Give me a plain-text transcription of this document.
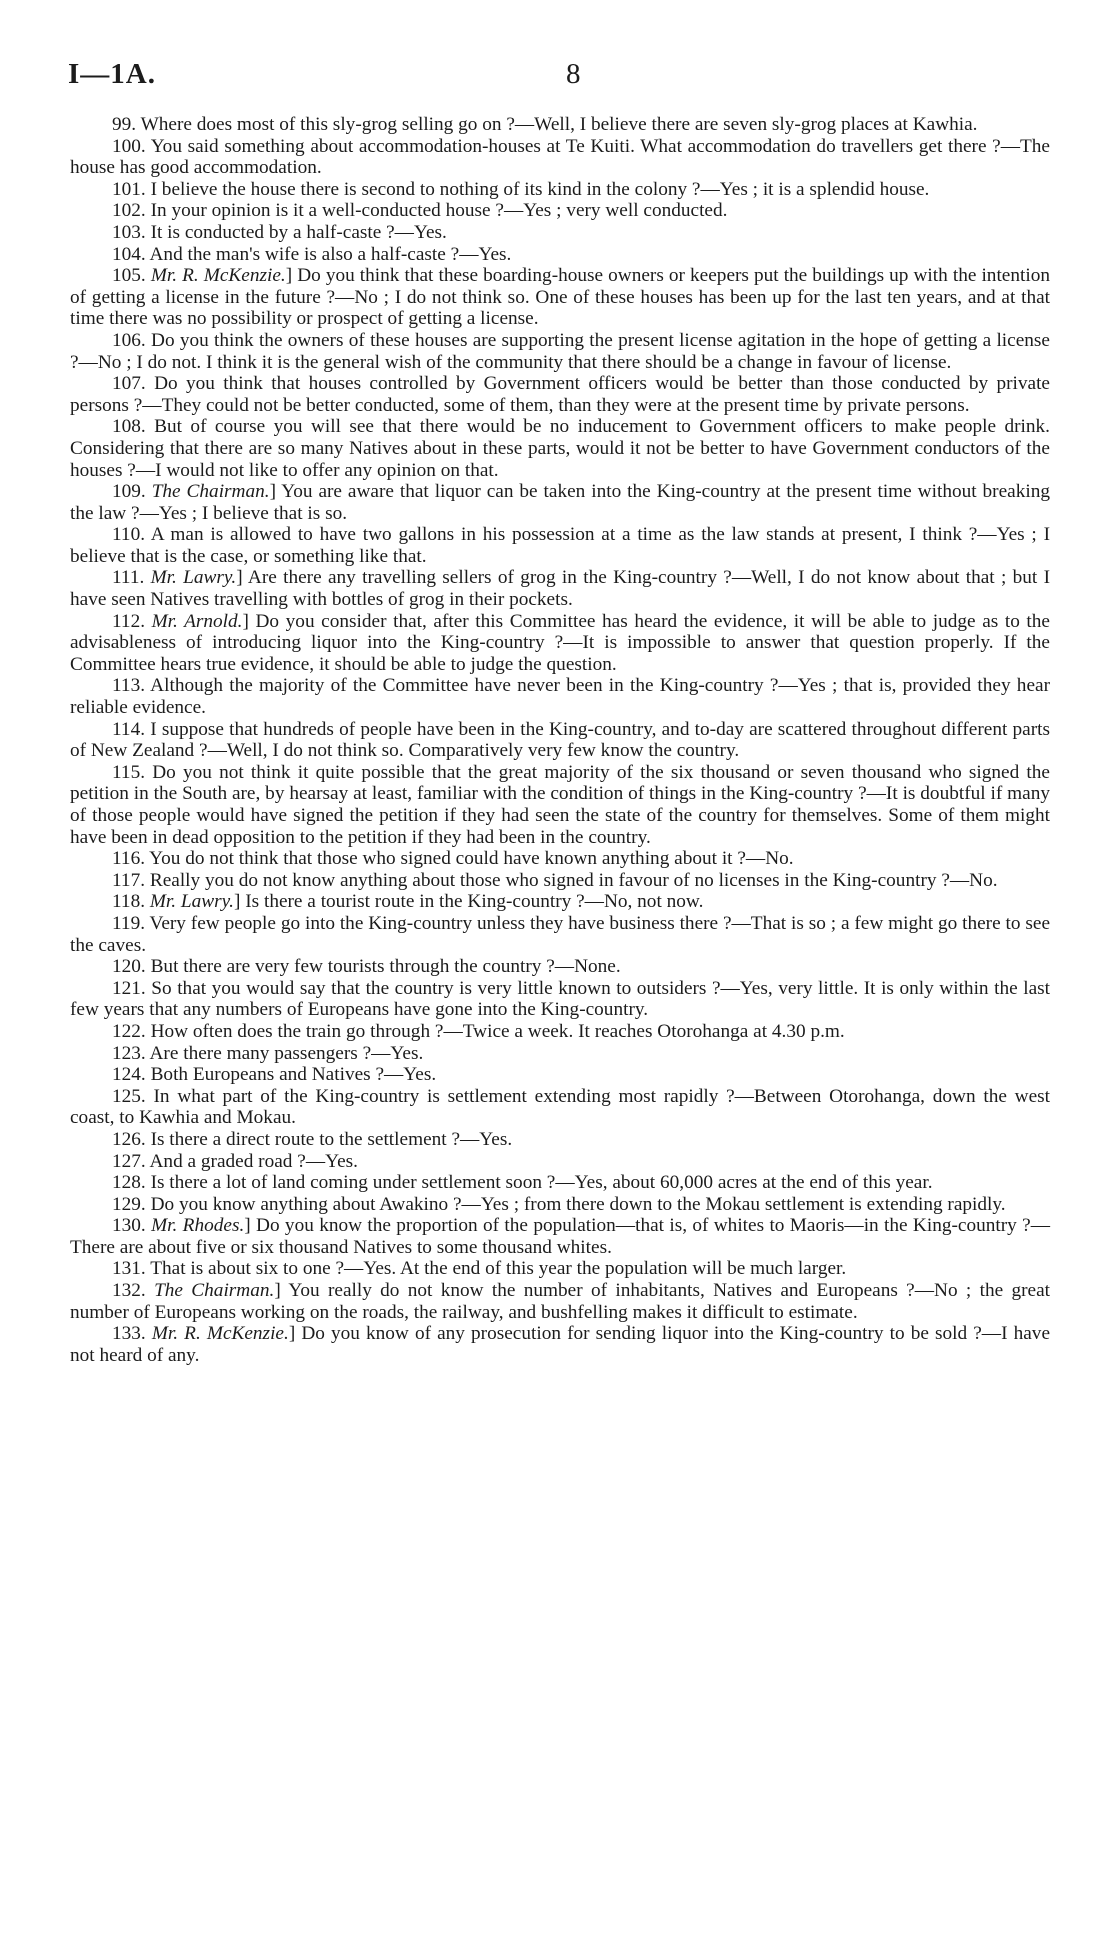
I—1A.	8

99. Where does most of this sly-grog selling go on ?—Well, I believe there are seven sly-grog places at Kawhia.

100. You said something about accommodation-houses at Te Kuiti. What accommodation do travellers get there ?—The house has good accommodation.

101. I believe the house there is second to nothing of its kind in the colony ?—Yes ; it is a splendid house.

102. In your opinion is it a well-conducted house ?—Yes ; very well conducted.

103. It is conducted by a half-caste ?—Yes.

104. And the man's wife is also a half-caste ?—Yes.

105. Mr. R. McKenzie.] Do you think that these boarding-house owners or keepers put the buildings up with the intention of getting a license in the future ?—No ; I do not think so. One of these houses has been up for the last ten years, and at that time there was no possibility or prospect of getting a license.

106. Do you think the owners of these houses are supporting the present license agitation in the hope of getting a license ?—No ; I do not. I think it is the general wish of the community that there should be a change in favour of license.

107. Do you think that houses controlled by Government officers would be better than those conducted by private persons ?—They could not be better conducted, some of them, than they were at the present time by private persons.

108. But of course you will see that there would be no inducement to Government officers to make people drink. Considering that there are so many Natives about in these parts, would it not be better to have Government conductors of the houses ?—I would not like to offer any opinion on that.

109. The Chairman.] You are aware that liquor can be taken into the King-country at the present time without breaking the law ?—Yes ; I believe that is so.

110. A man is allowed to have two gallons in his possession at a time as the law stands at present, I think ?—Yes ; I believe that is the case, or something like that.

111. Mr. Lawry.] Are there any travelling sellers of grog in the King-country ?—Well, I do not know about that ; but I have seen Natives travelling with bottles of grog in their pockets.

112. Mr. Arnold.] Do you consider that, after this Committee has heard the evidence, it will be able to judge as to the advisableness of introducing liquor into the King-country ?—It is impossible to answer that question properly. If the Committee hears true evidence, it should be able to judge the question.

113. Although the majority of the Committee have never been in the King-country ?—Yes ; that is, provided they hear reliable evidence.

114. I suppose that hundreds of people have been in the King-country, and to-day are scattered throughout different parts of New Zealand ?—Well, I do not think so. Comparatively very few know the country.

115. Do you not think it quite possible that the great majority of the six thousand or seven thousand who signed the petition in the South are, by hearsay at least, familiar with the condition of things in the King-country ?—It is doubtful if many of those people would have signed the petition if they had seen the state of the country for themselves. Some of them might have been in dead opposition to the petition if they had been in the country.

116. You do not think that those who signed could have known anything about it ?—No.

117. Really you do not know anything about those who signed in favour of no licenses in the King-country ?—No.

118. Mr. Lawry.] Is there a tourist route in the King-country ?—No, not now.

119. Very few people go into the King-country unless they have business there ?—That is so ; a few might go there to see the caves.

120. But there are very few tourists through the country ?—None.

121. So that you would say that the country is very little known to outsiders ?—Yes, very little. It is only within the last few years that any numbers of Europeans have gone into the King-country.

122. How often does the train go through ?—Twice a week. It reaches Otorohanga at 4.30 p.m.

123. Are there many passengers ?—Yes.

124. Both Europeans and Natives ?—Yes.

125. In what part of the King-country is settlement extending most rapidly ?—Between Otorohanga, down the west coast, to Kawhia and Mokau.

126. Is there a direct route to the settlement ?—Yes.

127. And a graded road ?—Yes.

128. Is there a lot of land coming under settlement soon ?—Yes, about 60,000 acres at the end of this year.

129. Do you know anything about Awakino ?—Yes ; from there down to the Mokau settlement is extending rapidly.

130. Mr. Rhodes.] Do you know the proportion of the population—that is, of whites to Maoris—in the King-country ?—There are about five or six thousand Natives to some thousand whites.

131. That is about six to one ?—Yes. At the end of this year the population will be much larger.

132. The Chairman.] You really do not know the number of inhabitants, Natives and Europeans ?—No ; the great number of Europeans working on the roads, the railway, and bushfelling makes it difficult to estimate.

133. Mr. R. McKenzie.] Do you know of any prosecution for sending liquor into the King-country to be sold ?—I have not heard of any.
